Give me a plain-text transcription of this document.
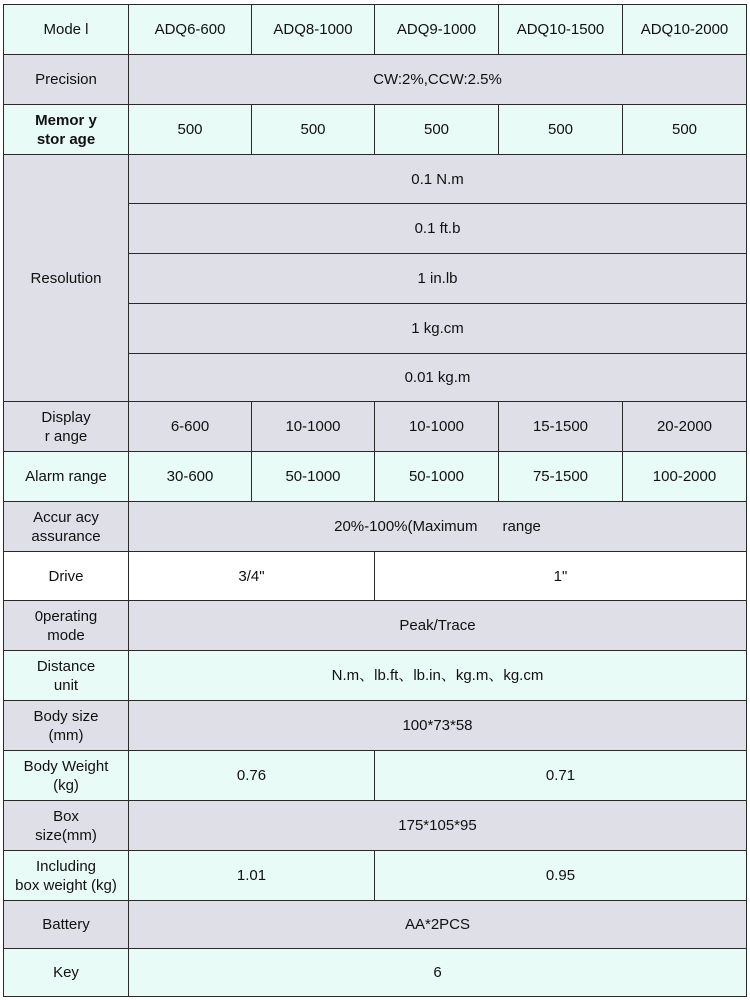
Mode l	ADQ6-600	ADQ8-1000	ADQ9-1000	ADQ10-1500	ADQ10-2000
Precision	CW:2%,CCW:2.5%				

Memor y
stor age	500	500	500	500	500
Resolution	0.1 N.m				
	0.1 ft.b				
	1 in.lb				
	1 kg.cm				
	0.01 kg.m				

Display
r ange	6-600	10-1000	10-1000	15-1500	20-2000
Alarm range	30-600	50-1000	50-1000	75-1500	100-2000

Accur acy
assurance	20%-100%(Maximum      range				
Drive	3/4"		1"		

0perating
mode	Peak/Trace				

Distance
unit	N.m、lb.ft、lb.in、kg.m、kg.cm				

Body size
(mm)	100*73*58				

Body Weight
(kg)	0.76		0.71		

Box
size(mm)	175*105*95				

Including
box weight (kg)	1.01		0.95		
Battery	AA*2PCS				
Key	6				
